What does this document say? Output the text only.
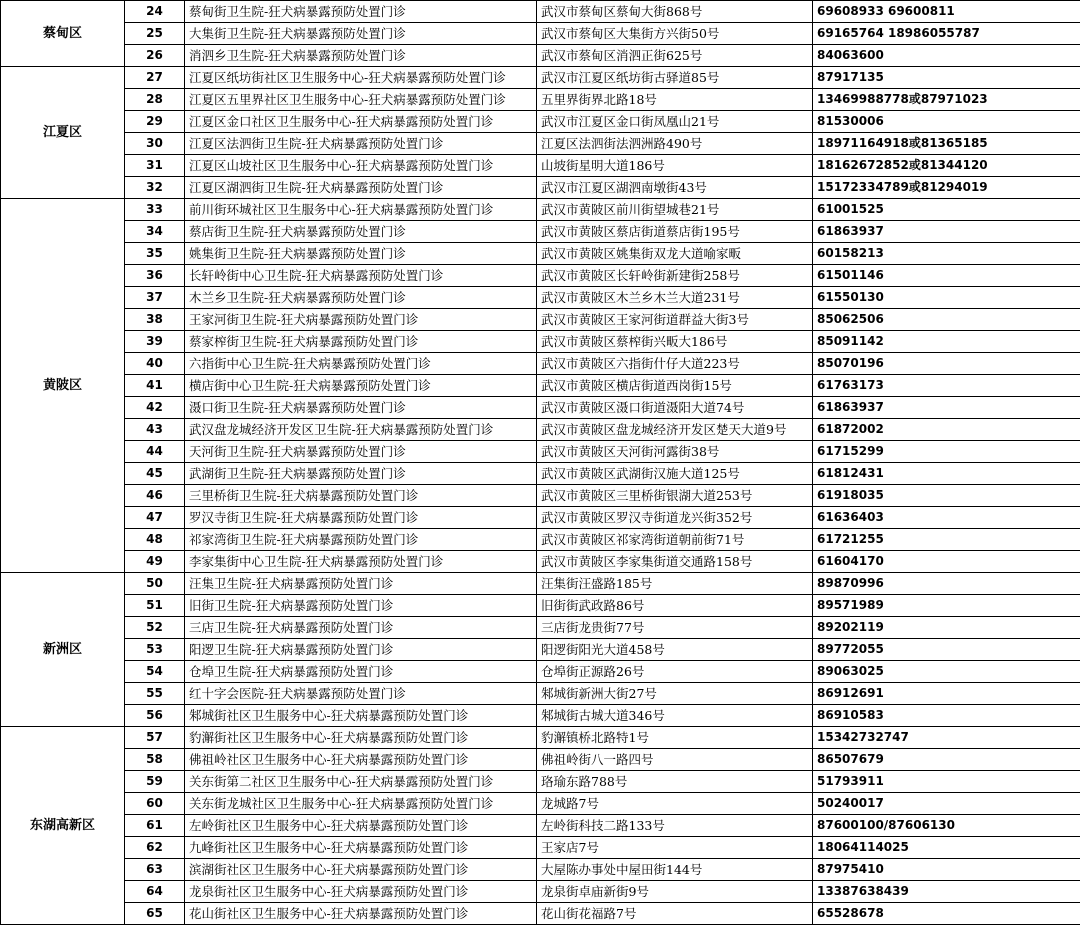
蔡甸区	24	蔡甸街卫生院-狂犬病暴露预防处置门诊	武汉市蔡甸区蔡甸大街868号	69608933 69600811
	25	大集街卫生院-狂犬病暴露预防处置门诊	武汉市蔡甸区大集街方兴街50号	69165764 18986055787
	26	消泗乡卫生院-狂犬病暴露预防处置门诊	武汉市蔡甸区消泗正街625号	84063600
江夏区	27	江夏区纸坊街社区卫生服务中心-狂犬病暴露预防处置门诊	武汉市江夏区纸坊街古驿道85号	87917135
	28	江夏区五里界社区卫生服务中心-狂犬病暴露预防处置门诊	五里界街界北路18号	13469988778或87971023
	29	江夏区金口社区卫生服务中心-狂犬病暴露预防处置门诊	武汉市江夏区金口街凤凰山21号	81530006
	30	江夏区法泗街卫生院-狂犬病暴露预防处置门诊	江夏区法泗街法泗洲路490号	18971164918或81365185
	31	江夏区山坡社区卫生服务中心-狂犬病暴露预防处置门诊	山坡街星明大道186号	18162672852或81344120
	32	江夏区湖泗街卫生院-狂犬病暴露预防处置门诊	武汉市江夏区湖泗南墩街43号	15172334789或81294019
黄陂区	33	前川街环城社区卫生服务中心-狂犬病暴露预防处置门诊	武汉市黄陂区前川街望城巷21号	61001525
	34	蔡店街卫生院-狂犬病暴露预防处置门诊	武汉市黄陂区蔡店街道蔡店街195号	61863937
	35	姚集街卫生院-狂犬病暴露预防处置门诊	武汉市黄陂区姚集街双龙大道喻家畈	60158213
	36	长轩岭街中心卫生院-狂犬病暴露预防处置门诊	武汉市黄陂区长轩岭街新建街258号	61501146
	37	木兰乡卫生院-狂犬病暴露预防处置门诊	武汉市黄陂区木兰乡木兰大道231号	61550130
	38	王家河街卫生院-狂犬病暴露预防处置门诊	武汉市黄陂区王家河街道群益大街3号	85062506
	39	蔡家榨街卫生院-狂犬病暴露预防处置门诊	武汉市黄陂区蔡榨街兴畈大186号	85091142
	40	六指街中心卫生院-狂犬病暴露预防处置门诊	武汉市黄陂区六指街什仔大道223号	85070196
	41	横店街中心卫生院-狂犬病暴露预防处置门诊	武汉市黄陂区横店街道西岗街15号	61763173
	42	滠口街卫生院-狂犬病暴露预防处置门诊	武汉市黄陂区滠口街道滠阳大道74号	61863937
	43	武汉盘龙城经济开发区卫生院-狂犬病暴露预防处置门诊	武汉市黄陂区盘龙城经济开发区楚天大道9号	61872002
	44	天河街卫生院-狂犬病暴露预防处置门诊	武汉市黄陂区天河街河露街38号	61715299
	45	武湖街卫生院-狂犬病暴露预防处置门诊	武汉市黄陂区武湖街汉施大道125号	61812431
	46	三里桥街卫生院-狂犬病暴露预防处置门诊	武汉市黄陂区三里桥街银湖大道253号	61918035
	47	罗汉寺街卫生院-狂犬病暴露预防处置门诊	武汉市黄陂区罗汉寺街道龙兴街352号	61636403
	48	祁家湾街卫生院-狂犬病暴露预防处置门诊	武汉市黄陂区祁家湾街道朝前街71号	61721255
	49	李家集街中心卫生院-狂犬病暴露预防处置门诊	武汉市黄陂区李家集街道交通路158号	61604170
新洲区	50	汪集卫生院-狂犬病暴露预防处置门诊	汪集街汪盛路185号	89870996
	51	旧街卫生院-狂犬病暴露预防处置门诊	旧街街武政路86号	89571989
	52	三店卫生院-狂犬病暴露预防处置门诊	三店街龙贵街77号	89202119
	53	阳逻卫生院-狂犬病暴露预防处置门诊	阳逻街阳光大道458号	89772055
	54	仓埠卫生院-狂犬病暴露预防处置门诊	仓埠街正源路26号	89063025
	55	红十字会医院-狂犬病暴露预防处置门诊	邾城街新洲大街27号	86912691
	56	邾城街社区卫生服务中心-狂犬病暴露预防处置门诊	邾城街古城大道346号	86910583
东湖高新区	57	豹澥街社区卫生服务中心-狂犬病暴露预防处置门诊	豹澥镇桥北路特1号	15342732747
	58	佛祖岭社区卫生服务中心-狂犬病暴露预防处置门诊	佛祖岭街八一路四号	86507679
	59	关东街第二社区卫生服务中心-狂犬病暴露预防处置门诊	珞瑜东路788号	51793911
	60	关东街龙城社区卫生服务中心-狂犬病暴露预防处置门诊	龙城路7号	50240017
	61	左岭街社区卫生服务中心-狂犬病暴露预防处置门诊	左岭街科技二路133号	87600100/87606130
	62	九峰街社区卫生服务中心-狂犬病暴露预防处置门诊	王家店7号	18064114025
	63	滨湖街社区卫生服务中心-狂犬病暴露预防处置门诊	大屋陈办事处中屋田街144号	87975410
	64	龙泉街社区卫生服务中心-狂犬病暴露预防处置门诊	龙泉街卓庙新街9号	13387638439
	65	花山街社区卫生服务中心-狂犬病暴露预防处置门诊	花山街花福路7号	65528678
